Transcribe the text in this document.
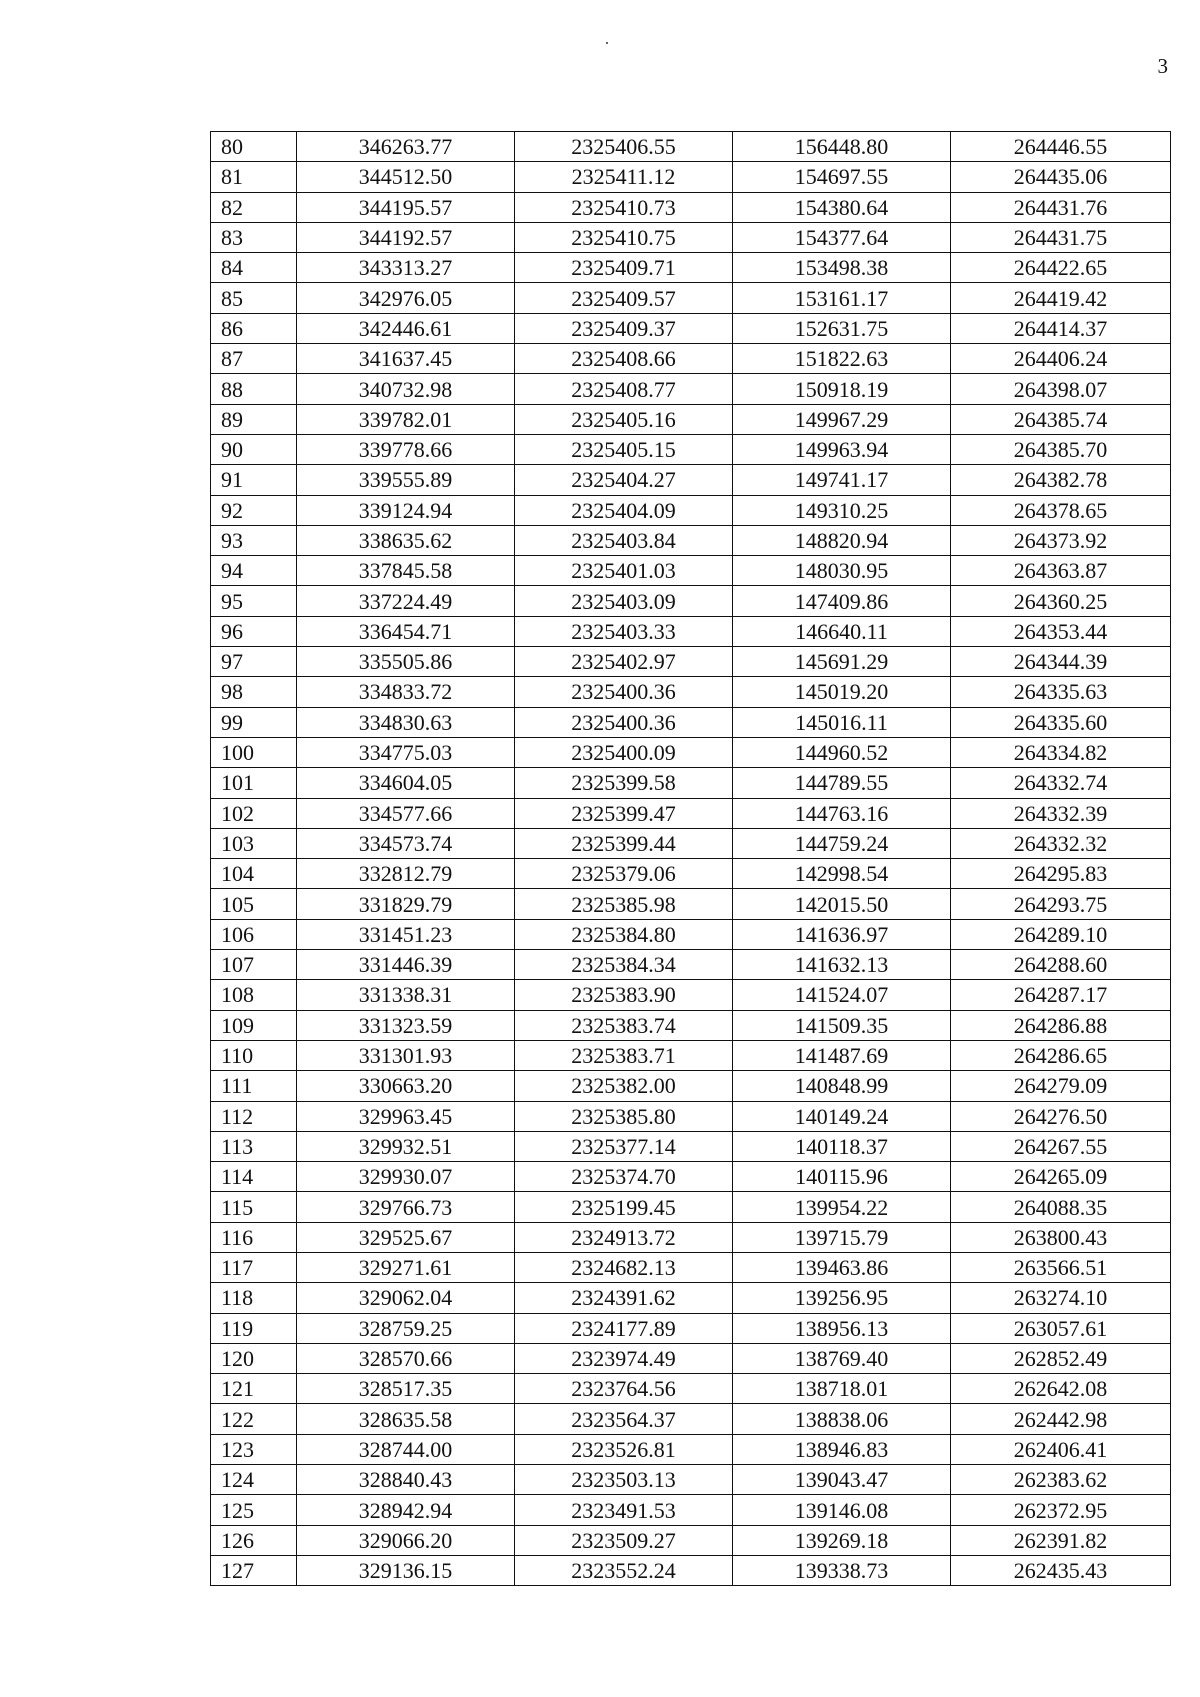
3
80	346263.77	2325406.55	156448.80	264446.55
81	344512.50	2325411.12	154697.55	264435.06
82	344195.57	2325410.73	154380.64	264431.76
83	344192.57	2325410.75	154377.64	264431.75
84	343313.27	2325409.71	153498.38	264422.65
85	342976.05	2325409.57	153161.17	264419.42
86	342446.61	2325409.37	152631.75	264414.37
87	341637.45	2325408.66	151822.63	264406.24
88	340732.98	2325408.77	150918.19	264398.07
89	339782.01	2325405.16	149967.29	264385.74
90	339778.66	2325405.15	149963.94	264385.70
91	339555.89	2325404.27	149741.17	264382.78
92	339124.94	2325404.09	149310.25	264378.65
93	338635.62	2325403.84	148820.94	264373.92
94	337845.58	2325401.03	148030.95	264363.87
95	337224.49	2325403.09	147409.86	264360.25
96	336454.71	2325403.33	146640.11	264353.44
97	335505.86	2325402.97	145691.29	264344.39
98	334833.72	2325400.36	145019.20	264335.63
99	334830.63	2325400.36	145016.11	264335.60
100	334775.03	2325400.09	144960.52	264334.82
101	334604.05	2325399.58	144789.55	264332.74
102	334577.66	2325399.47	144763.16	264332.39
103	334573.74	2325399.44	144759.24	264332.32
104	332812.79	2325379.06	142998.54	264295.83
105	331829.79	2325385.98	142015.50	264293.75
106	331451.23	2325384.80	141636.97	264289.10
107	331446.39	2325384.34	141632.13	264288.60
108	331338.31	2325383.90	141524.07	264287.17
109	331323.59	2325383.74	141509.35	264286.88
110	331301.93	2325383.71	141487.69	264286.65
111	330663.20	2325382.00	140848.99	264279.09
112	329963.45	2325385.80	140149.24	264276.50
113	329932.51	2325377.14	140118.37	264267.55
114	329930.07	2325374.70	140115.96	264265.09
115	329766.73	2325199.45	139954.22	264088.35
116	329525.67	2324913.72	139715.79	263800.43
117	329271.61	2324682.13	139463.86	263566.51
118	329062.04	2324391.62	139256.95	263274.10
119	328759.25	2324177.89	138956.13	263057.61
120	328570.66	2323974.49	138769.40	262852.49
121	328517.35	2323764.56	138718.01	262642.08
122	328635.58	2323564.37	138838.06	262442.98
123	328744.00	2323526.81	138946.83	262406.41
124	328840.43	2323503.13	139043.47	262383.62
125	328942.94	2323491.53	139146.08	262372.95
126	329066.20	2323509.27	139269.18	262391.82
127	329136.15	2323552.24	139338.73	262435.43
